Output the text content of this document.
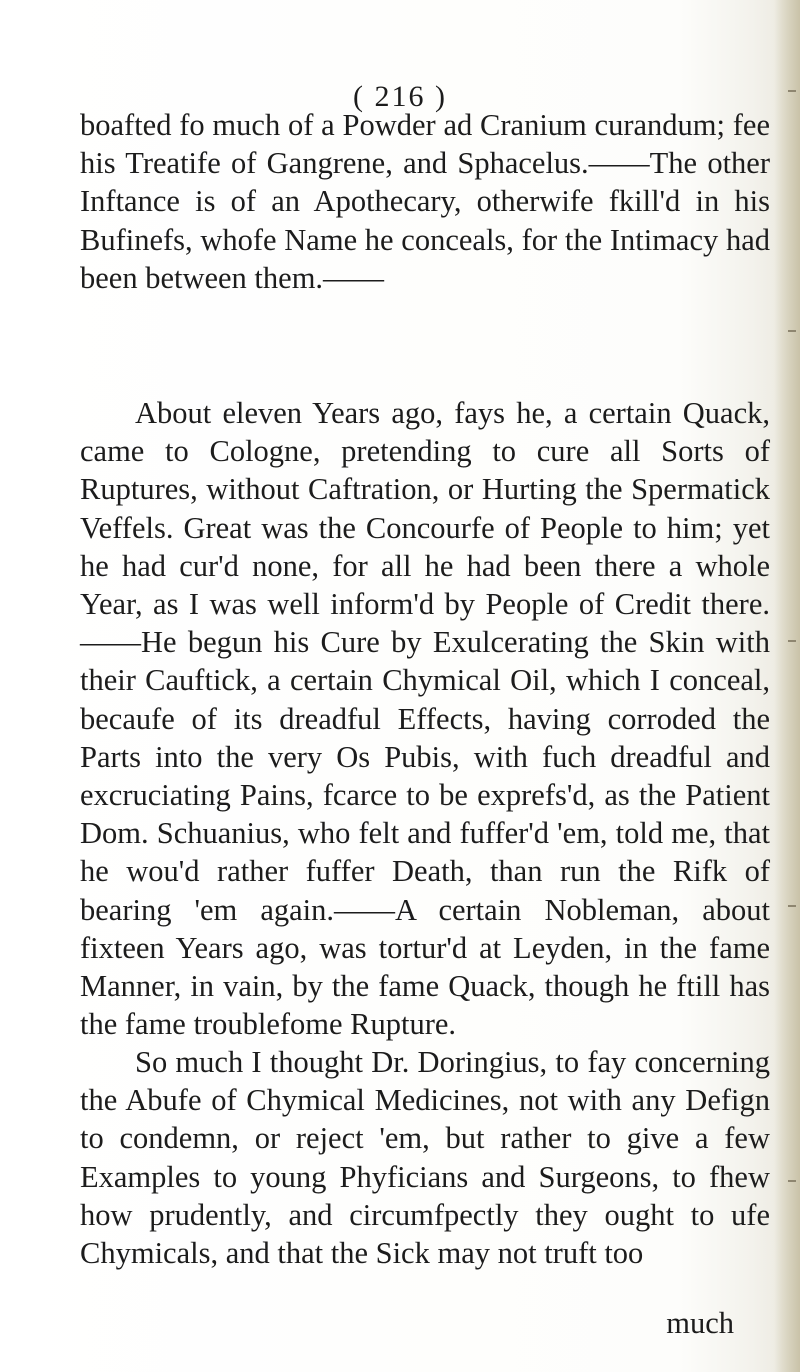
( 216 )

boafted fo much of a Powder ad Cranium curandum; fee his Treatife of Gangrene, and Sphacelus.——The other Inftance is of an Apothecary, otherwife fkill'd in his Bufinefs, whofe Name he conceals, for the Intimacy had been between them.——

About eleven Years ago, fays he, a certain Quack, came to Cologne, pretending to cure all Sorts of Ruptures, without Caftration, or Hurting the Spermatick Veffels. Great was the Concourfe of People to him; yet he had cur'd none, for all he had been there a whole Year, as I was well inform'd by People of Credit there.——He begun his Cure by Exulcerating the Skin with their Cauftick, a certain Chymical Oil, which I conceal, becaufe of its dreadful Effects, having corroded the Parts into the very Os Pubis, with fuch dreadful and excruciating Pains, fcarce to be exprefs'd, as the Patient Dom. Schuanius, who felt and fuffer'd 'em, told me, that he wou'd rather fuffer Death, than run the Rifk of bearing 'em again.——A certain Nobleman, about fixteen Years ago, was tortur'd at Leyden, in the fame Manner, in vain, by the fame Quack, though he ftill has the fame troublefome Rupture.

So much I thought Dr. Doringius, to fay concerning the Abufe of Chymical Medicines, not with any Defign to condemn, or reject 'em, but rather to give a few Examples to young Phyficians and Surgeons, to fhew how prudently, and circumfpectly they ought to ufe Chymicals, and that the Sick may not truft too

much
